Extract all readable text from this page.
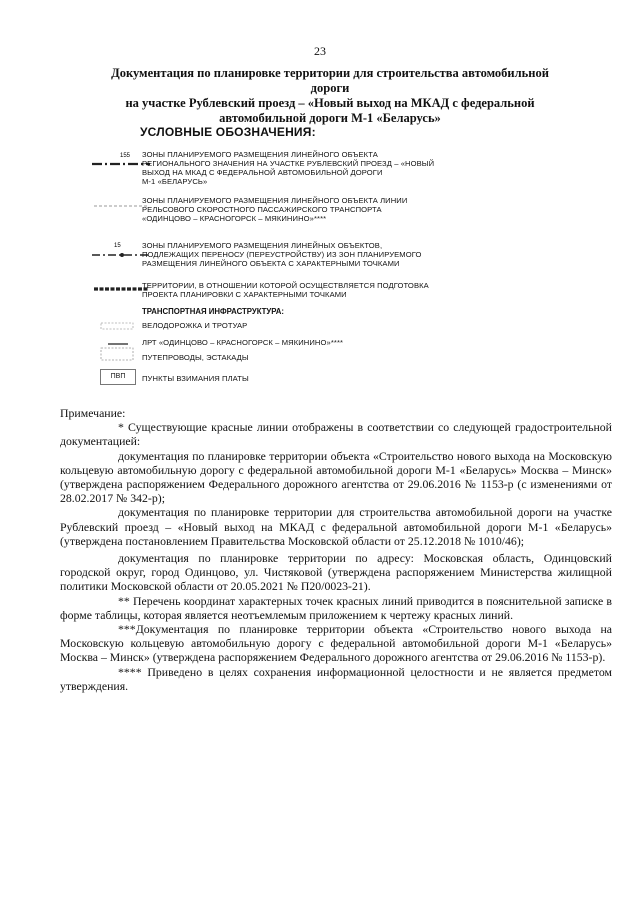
23
Документация по планировке территории для строительства автомобильной дороги
на участке Рублевский проезд – «Новый выход на МКАД с федеральной
автомобильной дороги М-1 «Беларусь»
УСЛОВНЫЕ ОБОЗНАЧЕНИЯ:
155 ЗОНЫ ПЛАНИРУЕМОГО РАЗМЕЩЕНИЯ ЛИНЕЙНОГО ОБЪЕКТА
РЕГИОНАЛЬНОГО ЗНАЧЕНИЯ НА УЧАСТКЕ РУБЛЕВСКИЙ ПРОЕЗД – «НОВЫЙ
ВЫХОД НА МКАД С ФЕДЕРАЛЬНОЙ АВТОМОБИЛЬНОЙ ДОРОГИ
М-1 «БЕЛАРУСЬ»
ЗОНЫ ПЛАНИРУЕМОГО РАЗМЕЩЕНИЯ ЛИНЕЙНОГО ОБЪЕКТА ЛИНИИ
РЕЛЬСОВОГО СКОРОСТНОГО ПАССАЖИРСКОГО ТРАНСПОРТА
«ОДИНЦОВО – КРАСНОГОРСК – МЯКИНИНО»****
15	ЗОНЫ ПЛАНИРУЕМОГО РАЗМЕЩЕНИЯ ЛИНЕЙНЫХ ОБЪЕКТОВ,
ПОДЛЕЖАЩИХ ПЕРЕНОСУ (ПЕРЕУСТРОЙСТВУ) ИЗ ЗОН ПЛАНИРУЕМОГО
РАЗМЕЩЕНИЯ ЛИНЕЙНОГО ОБЪЕКТА С ХАРАКТЕРНЫМИ ТОЧКАМИ
ТЕРРИТОРИИ, В ОТНОШЕНИИ КОТОРОЙ ОСУЩЕСТВЛЯЕТСЯ ПОДГОТОВКА
ПРОЕКТА ПЛАНИРОВКИ С ХАРАКТЕРНЫМИ ТОЧКАМИ
ТРАНСПОРТНАЯ ИНФРАСТРУКТУРА:
ВЕЛОДОРОЖКА И ТРОТУАР
ЛРТ «ОДИНЦОВО – КРАСНОГОРСК – МЯКИНИНО»****
ПУТЕПРОВОДЫ, ЭСТАКАДЫ
ПВП	ПУНКТЫ ВЗИМАНИЯ ПЛАТЫ

Примечание:

* Существующие красные линии отображены в соответствии со следующей градостроительной документацией:

документация по планировке территории объекта «Строительство нового выхода на Московскую кольцевую автомобильную дорогу с федеральной автомобильной дороги М-1 «Беларусь» Москва – Минск» (утверждена распоряжением Федерального дорожного агентства от 29.06.2016 № 1153-р (с изменениями от 28.02.2017 № 342-р);

документация по планировке территории для строительства автомобильной дороги на участке Рублевский проезд – «Новый выход на МКАД с федеральной автомобильной дороги М-1 «Беларусь» (утверждена постановлением Правительства Московской области от 25.12.2018 № 1010/46);

документация по планировке территории по адресу: Московская область, Одинцовский городской округ, город Одинцово, ул. Чистяковой (утверждена распоряжением Министерства жилищной политики Московской области от 20.05.2021 № П20/0023-21).

** Перечень координат характерных точек красных линий приводится в пояснительной записке в форме таблицы, которая является неотъемлемым приложением к чертежу красных линий.

***Документация по планировке территории объекта «Строительство нового выхода на Московскую кольцевую автомобильную дорогу с федеральной автомобильной дороги М-1 «Беларусь» Москва – Минск» (утверждена распоряжением Федерального дорожного агентства от 29.06.2016 № 1153-р).

**** Приведено в целях сохранения информационной целостности и не является предметом утверждения.
